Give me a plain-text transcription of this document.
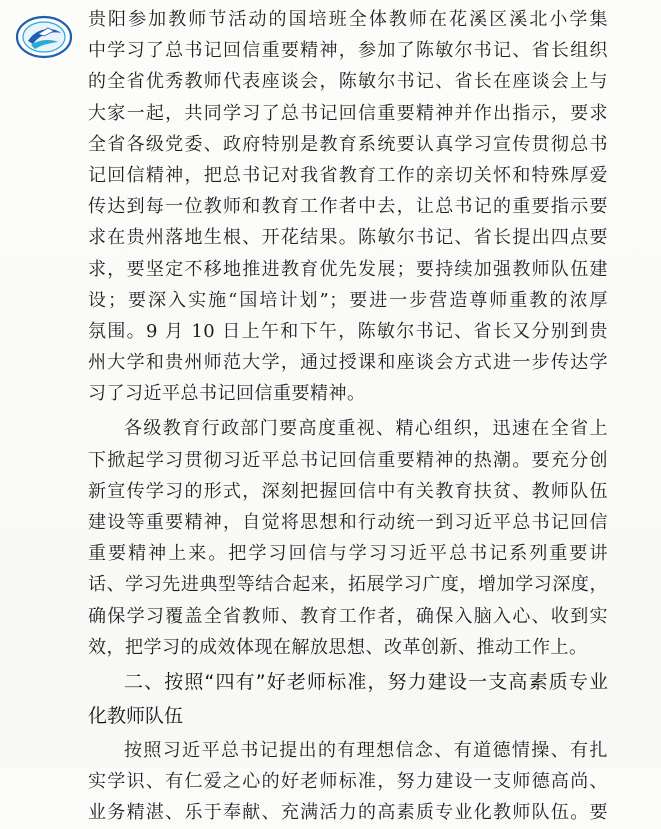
贵阳参加教师节活动的国培班全体教师在花溪区溪北小学集
中学习了总书记回信重要精神，参加了陈敏尔书记、省长组织
的全省优秀教师代表座谈会，陈敏尔书记、省长在座谈会上与
大家一起，共同学习了总书记回信重要精神并作出指示，要求
全省各级党委、政府特别是教育系统要认真学习宣传贯彻总书
记回信精神，把总书记对我省教育工作的亲切关怀和特殊厚爱
传达到每一位教师和教育工作者中去，让总书记的重要指示要
求在贵州落地生根、开花结果。陈敏尔书记、省长提出四点要
求，要坚定不移地推进教育优先发展；要持续加强教师队伍建
设；要深入实施“国培计划”；要进一步营造尊师重教的浓厚
氛围。9 月 10 日上午和下午，陈敏尔书记、省长又分别到贵
州大学和贵州师范大学，通过授课和座谈会方式进一步传达学
习了习近平总书记回信重要精神。
各级教育行政部门要高度重视、精心组织，迅速在全省上
下掀起学习贯彻习近平总书记回信重要精神的热潮。要充分创
新宣传学习的形式，深刻把握回信中有关教育扶贫、教师队伍
建设等重要精神，自觉将思想和行动统一到习近平总书记回信
重要精神上来。把学习回信与学习习近平总书记系列重要讲
话、学习先进典型等结合起来，拓展学习广度，增加学习深度，
确保学习覆盖全省教师、教育工作者，确保入脑入心、收到实
效，把学习的成效体现在解放思想、改革创新、推动工作上。
二、按照“四有”好老师标准，努力建设一支高素质专业
化教师队伍
按照习近平总书记提出的有理想信念、有道德情操、有扎
实学识、有仁爱之心的好老师标准，努力建设一支师德高尚、
业务精湛、乐于奉献、充满活力的高素质专业化教师队伍。要
